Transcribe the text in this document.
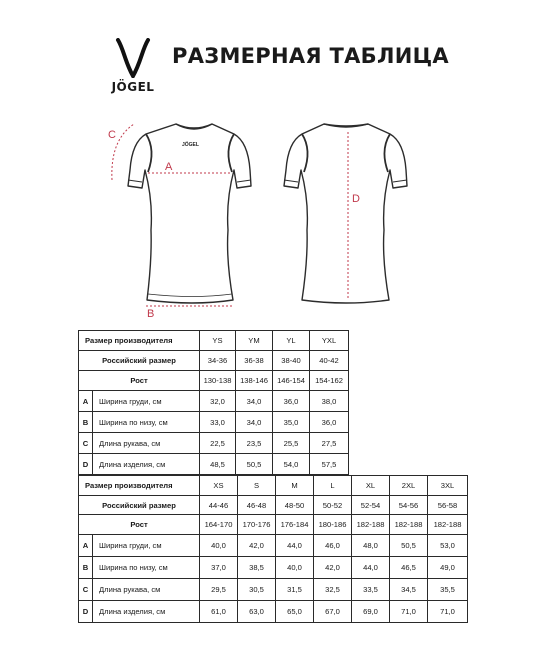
JÖGEL
РАЗМЕРНАЯ ТАБЛИЦА
JÖGEL
A
B
C
D
Размер производителя		YS	YM	YL	YXL
Российский размер		34-36	36-38	38-40	40-42
Рост		130-138	138-146	146-154	154-162
A	Ширина груди, см	32,0	34,0	36,0	38,0
B	Ширина по низу, см	33,0	34,0	35,0	36,0
C	Длина рукава, см	22,5	23,5	25,5	27,5
D	Длина изделия, см	48,5	50,5	54,0	57,5
Размер производителя		XS	S	M	L	XL	2XL	3XL
Российский размер		44-46	46-48	48-50	50-52	52-54	54-56	56-58
Рост		164-170	170-176	176-184	180-186	182-188	182-188	182-188
A	Ширина груди, см	40,0	42,0	44,0	46,0	48,0	50,5	53,0
B	Ширина по низу, см	37,0	38,5	40,0	42,0	44,0	46,5	49,0
C	Длина рукава, см	29,5	30,5	31,5	32,5	33,5	34,5	35,5
D	Длина изделия, см	61,0	63,0	65,0	67,0	69,0	71,0	71,0
